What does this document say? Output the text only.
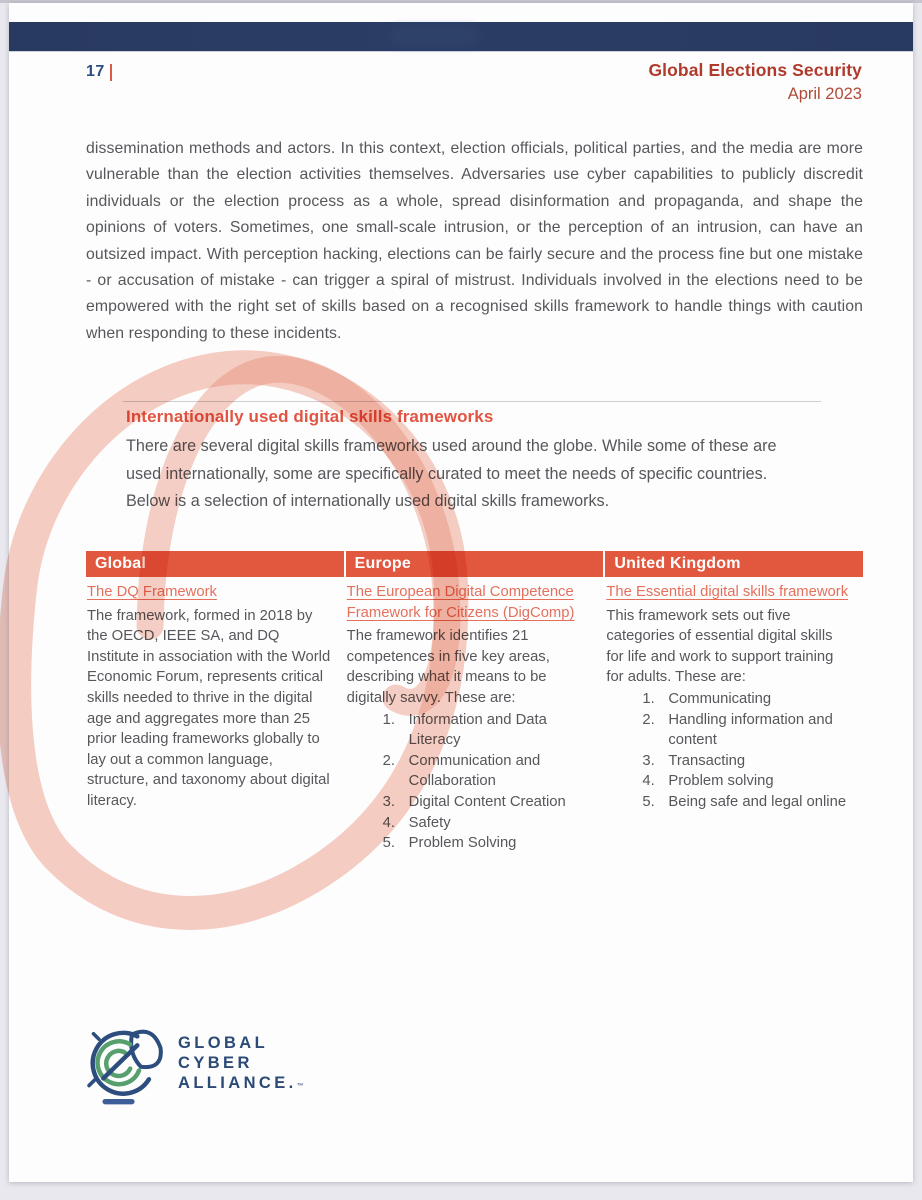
17	Global Elections Security
April 2023

dissemination methods and actors. In this context, election officials, political parties, and the media are more vulnerable than the election activities themselves. Adversaries use cyber capabilities to publicly discredit individuals or the election process as a whole, spread disinformation and propaganda, and shape the opinions of voters. Sometimes, one small-scale intrusion, or the perception of an intrusion, can have an outsized impact. With perception hacking, elections can be fairly secure and the process fine but one mistake - or accusation of mistake - can trigger a spiral of mistrust. Individuals involved in the elections need to be empowered with the right set of skills based on a recognised skills framework to handle things with caution when responding to these incidents.

Internationally used digital skills frameworks

There are several digital skills frameworks used around the globe. While some of these are used internationally, some are specifically curated to meet the needs of specific countries. Below is a selection of internationally used digital skills frameworks.

Global
The DQ Framework
The framework, formed in 2018 by the OECD, IEEE SA, and DQ Institute in association with the World Economic Forum, represents critical skills needed to thrive in the digital age and aggregates more than 25 prior leading frameworks globally to lay out a common language, structure, and taxonomy about digital literacy.
Europe
The European Digital Competence Framework for Citizens (DigComp)
The framework identifies 21 competences in five key areas, describing what it means to be digitally savvy. These are:
Information and Data Literacy
Communication and Collaboration
Digital Content Creation
Safety
Problem Solving
United Kingdom
The Essential digital skills framework
This framework sets out five categories of essential digital skills for life and work to support training for adults. These are:
Communicating
Handling information and content
Transacting
Problem solving
Being safe and legal online
GLOBAL
CYBER
ALLIANCE.™
